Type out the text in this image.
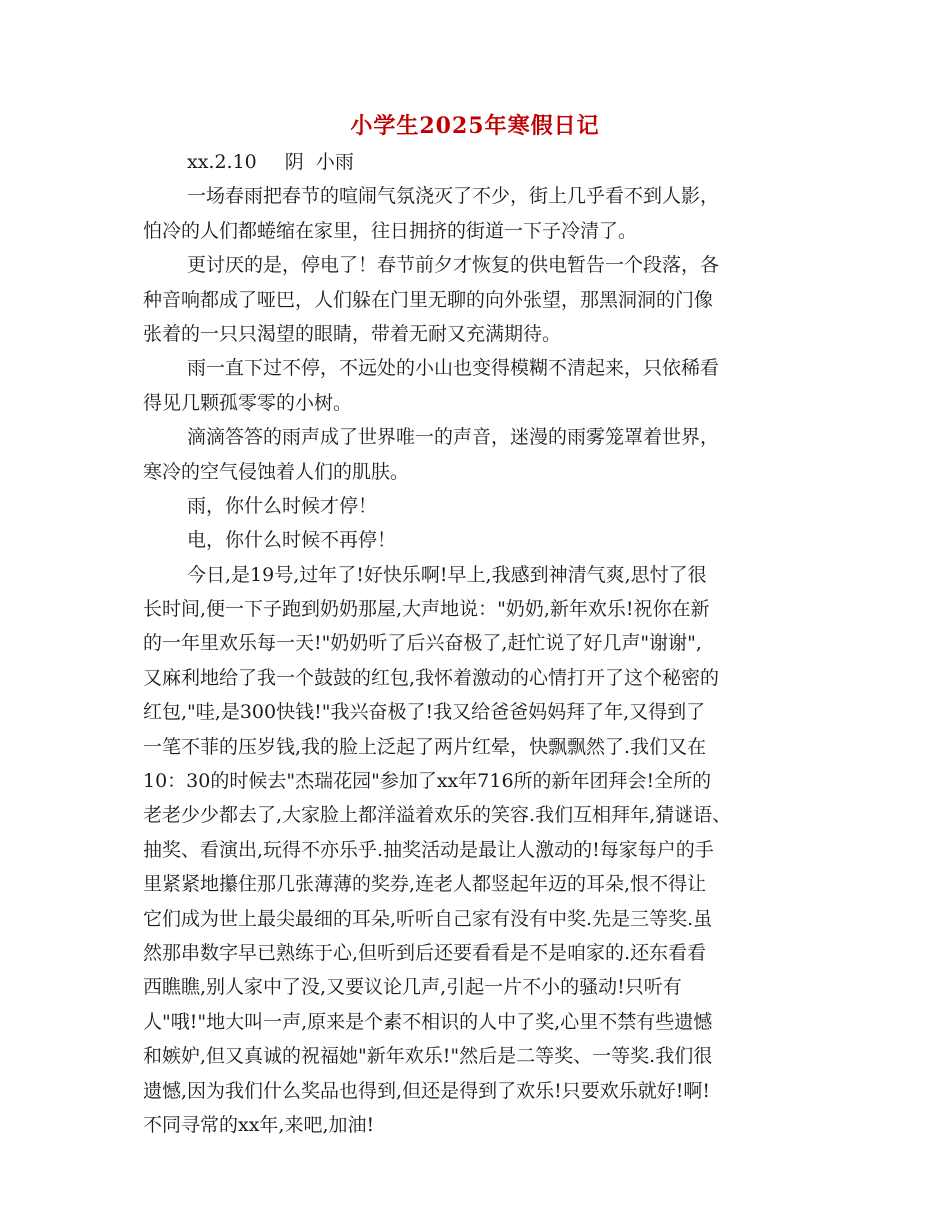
小学生2025年寒假日记
xx.2.10 阴  小雨
一场春雨把春节的喧闹气氛浇灭了不少，街上几乎看不到人影，
怕冷的人们都蜷缩在家里，往日拥挤的街道一下子冷清了。
更讨厌的是，停电了！春节前夕才恢复的供电暂告一个段落，各
种音响都成了哑巴，人们躲在门里无聊的向外张望，那黑洞洞的门像
张着的一只只渴望的眼睛，带着无耐又充满期待。
雨一直下过不停，不远处的小山也变得模糊不清起来，只依稀看
得见几颗孤零零的小树。
滴滴答答的雨声成了世界唯一的声音，迷漫的雨雾笼罩着世界，
寒冷的空气侵蚀着人们的肌肤。
雨，你什么时候才停！
电，你什么时候不再停！
今日,是19号,过年了!好快乐啊!早上,我感到神清气爽,思忖了很
长时间,便一下子跑到奶奶那屋,大声地说："奶奶,新年欢乐!祝你在新
的一年里欢乐每一天!"奶奶听了后兴奋极了,赶忙说了好几声"谢谢",
又麻利地给了我一个鼓鼓的红包,我怀着激动的心情打开了这个秘密的
红包,"哇,是300快钱!"我兴奋极了!我又给爸爸妈妈拜了年,又得到了
一笔不菲的压岁钱,我的脸上泛起了两片红晕，快飘飘然了.我们又在
10：30的时候去"杰瑞花园"参加了xx年716所的新年团拜会!全所的
老老少少都去了,大家脸上都洋溢着欢乐的笑容.我们互相拜年,猜谜语、
抽奖、看演出,玩得不亦乐乎.抽奖活动是最让人激动的!每家每户的手
里紧紧地攥住那几张薄薄的奖券,连老人都竖起年迈的耳朵,恨不得让
它们成为世上最尖最细的耳朵,听听自己家有没有中奖.先是三等奖.虽
然那串数字早已熟练于心,但听到后还要看看是不是咱家的.还东看看
西瞧瞧,别人家中了没,又要议论几声,引起一片不小的骚动!只听有
人"哦!"地大叫一声,原来是个素不相识的人中了奖,心里不禁有些遗憾
和嫉妒,但又真诚的祝福她"新年欢乐!"然后是二等奖、一等奖.我们很
遗憾,因为我们什么奖品也得到,但还是得到了欢乐!只要欢乐就好!啊!
不同寻常的xx年,来吧,加油!
